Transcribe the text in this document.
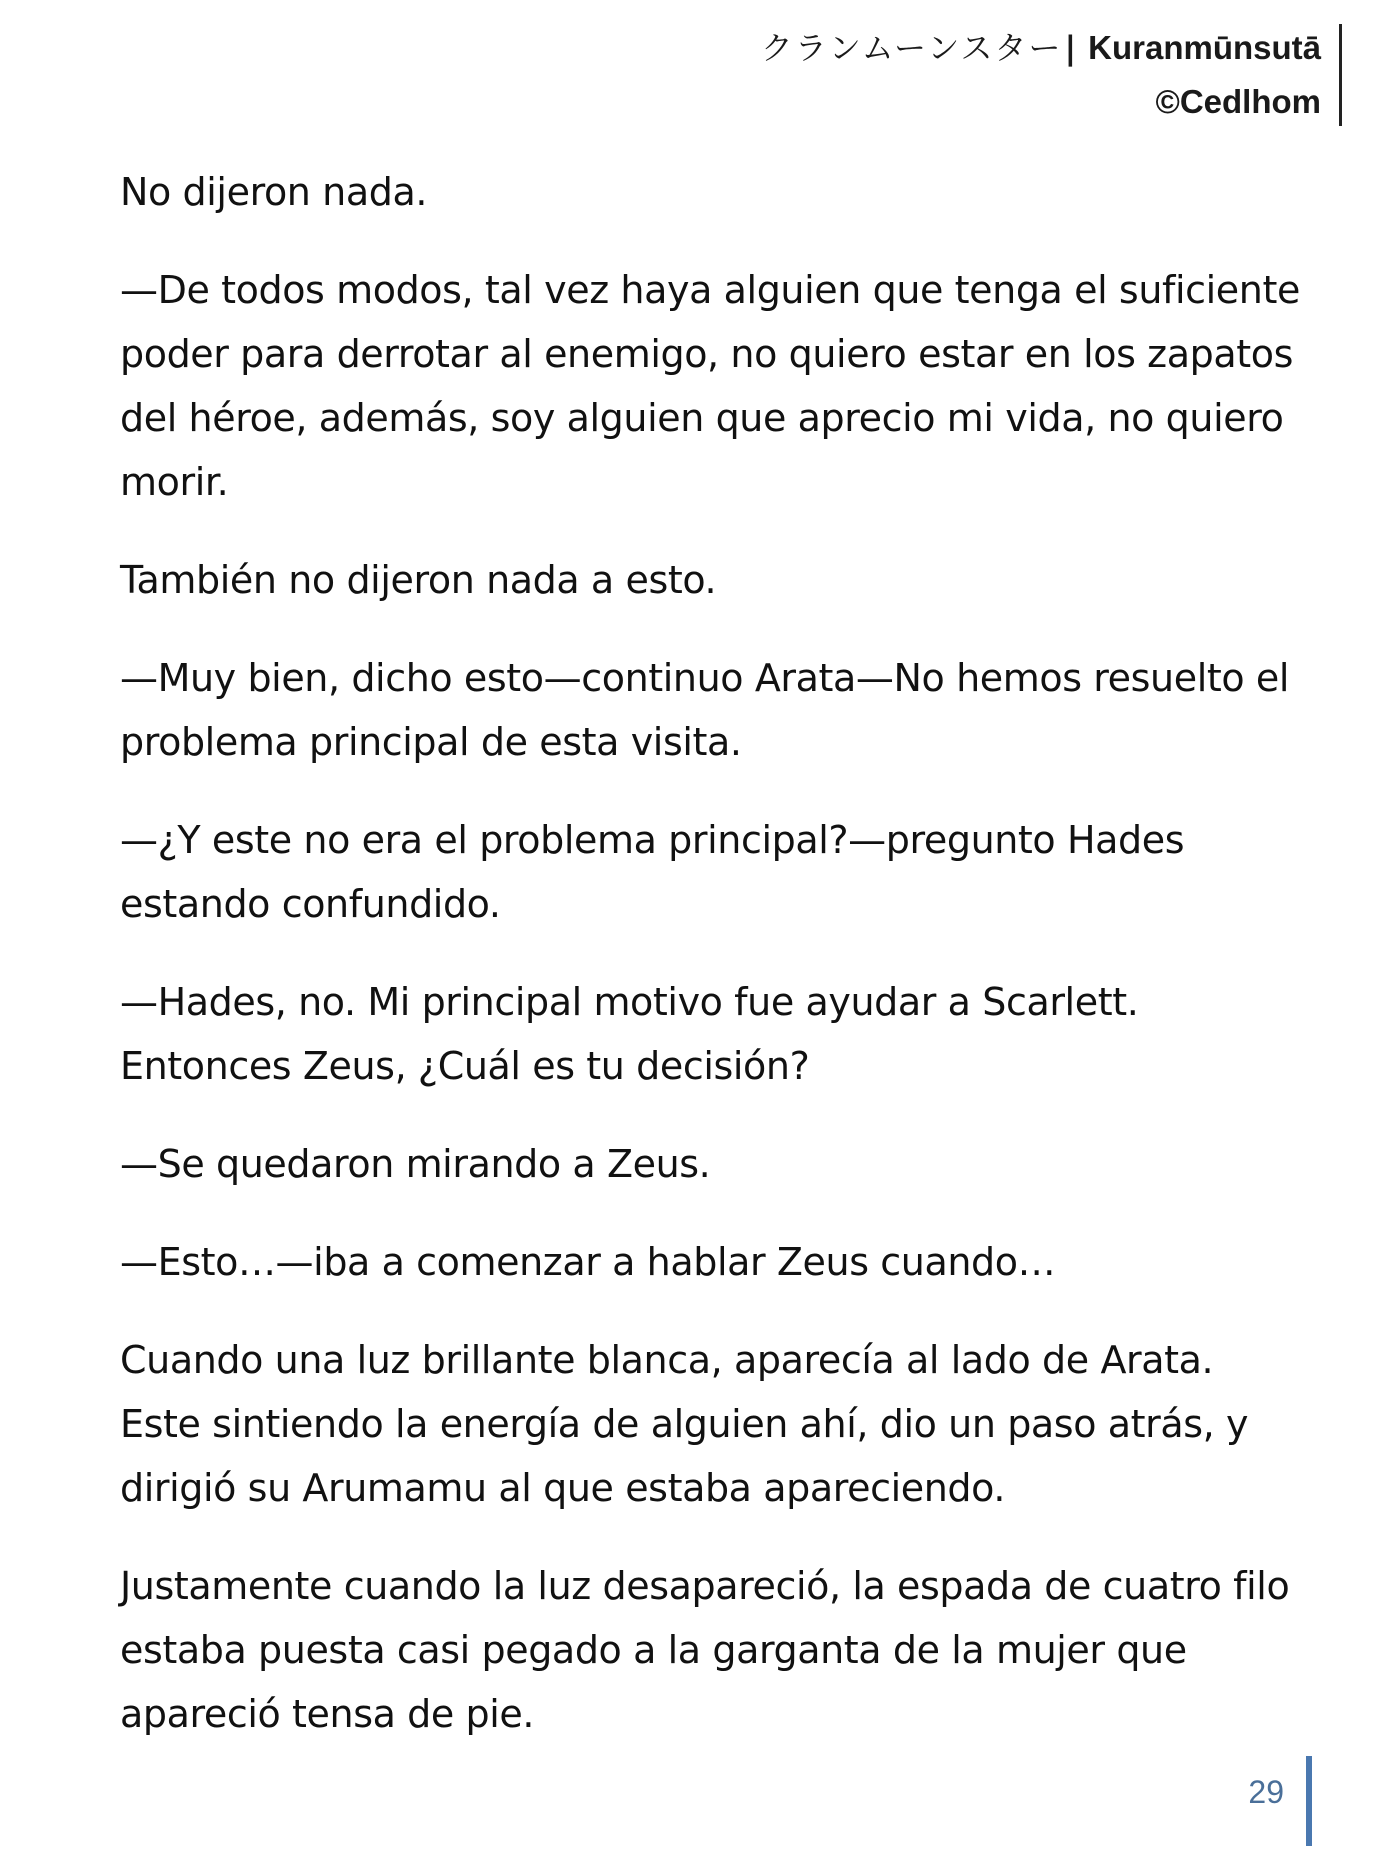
クランムーンスター| Kuranmūnsutā
©Cedlhom

No dijeron nada.

—De todos modos, tal vez haya alguien que tenga el suficiente poder para derrotar al enemigo, no quiero estar en los zapatos del héroe, además, soy alguien que aprecio mi vida, no quiero morir.

También no dijeron nada a esto.

—Muy bien, dicho esto—continuo Arata—No hemos resuelto el problema principal de esta visita.

—¿Y este no era el problema principal?—pregunto Hades estando confundido.

—Hades, no. Mi principal motivo fue ayudar a Scarlett. Entonces Zeus, ¿Cuál es tu decisión?

—Se quedaron mirando a Zeus.

—Esto…—iba a comenzar a hablar Zeus cuando…

Cuando una luz brillante blanca, aparecía al lado de Arata. Este sintiendo la energía de alguien ahí, dio un paso atrás, y dirigió su Arumamu al que estaba apareciendo.

Justamente cuando la luz desapareció, la espada de cuatro filo estaba puesta casi pegado a la garganta de la mujer que apareció tensa de pie.

29
